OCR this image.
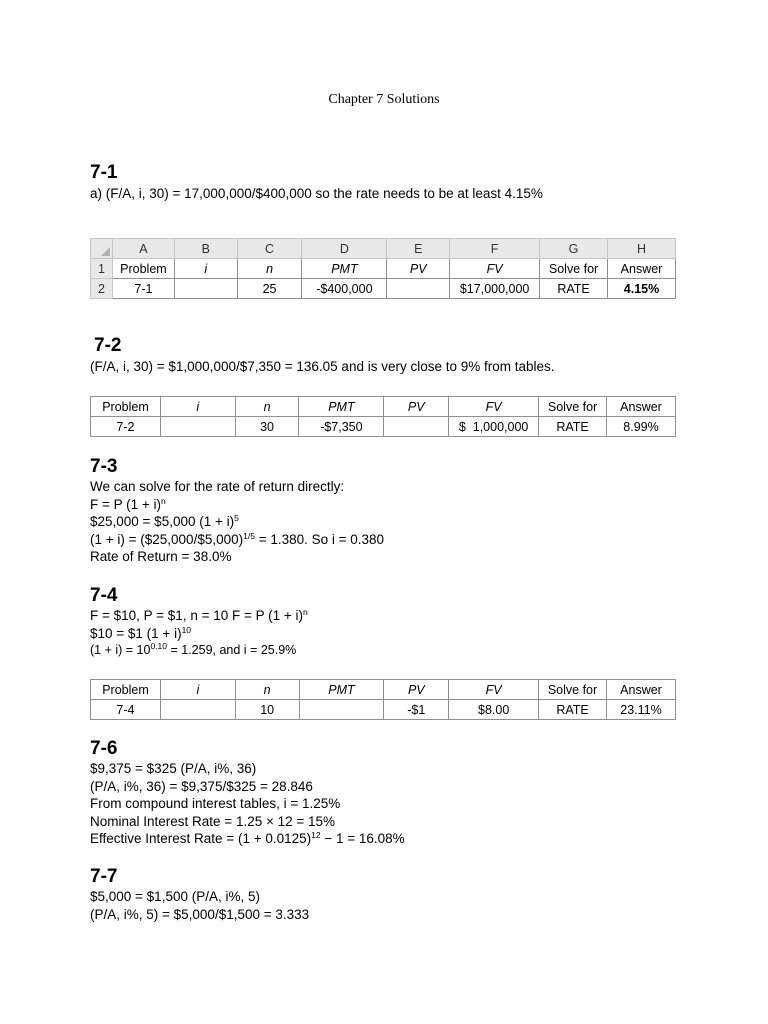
Chapter 7 Solutions
7-1
a) (F/A, i, 30) = 17,000,000/$400,000 so the rate needs to be at least 4.15%
	A	B	C	D	E	F	G	H
1	Problem	i	n	PMT	PV	FV	Solve for	Answer
2	7-1		25	-$400,000		$17,000,000	RATE	4.15%
7-2
(F/A, i, 30) = $1,000,000/$7,350 = 136.05 and is very close to 9% from tables.
Problem	i	n	PMT	PV	FV	Solve for	Answer
7-2		30	-$7,350		$  1,000,000	RATE	8.99%
7-3
We can solve for the rate of return directly:
F = P $(1 + i)^n$
$25,000 = $5,000 $(1 + i)^5$
(1 + i) = ($25,000/$5,000)$^{1/5}$ = 1.380. So i = 0.380
Rate of Return = 38.0%
7-4
F = $10, P = $1, n = 10 F = P $(1 + i)^n$
$10 = $1 $(1 + i)^{10}$
$(1 + i) = 10^{0.10} = 1.259$, and i = 25.9%
Problem	i	n	PMT	PV	FV	Solve for	Answer
7-4		10		-$1	$8.00	RATE	23.11%
7-6
$9,375 = $325 (P/A, i%, 36)
(P/A, i%, 36) = $9,375/$325 = 28.846
From compound interest tables, i = 1.25%
Nominal Interest Rate = 1.25 × 12 = 15%
Effective Interest Rate = $(1 + 0.0125)^{12} - 1 = 16.08\%$
7-7
$5,000 = $1,500 (P/A, i%, 5)
(P/A, i%, 5) = $5,000/$1,500 = 3.333
